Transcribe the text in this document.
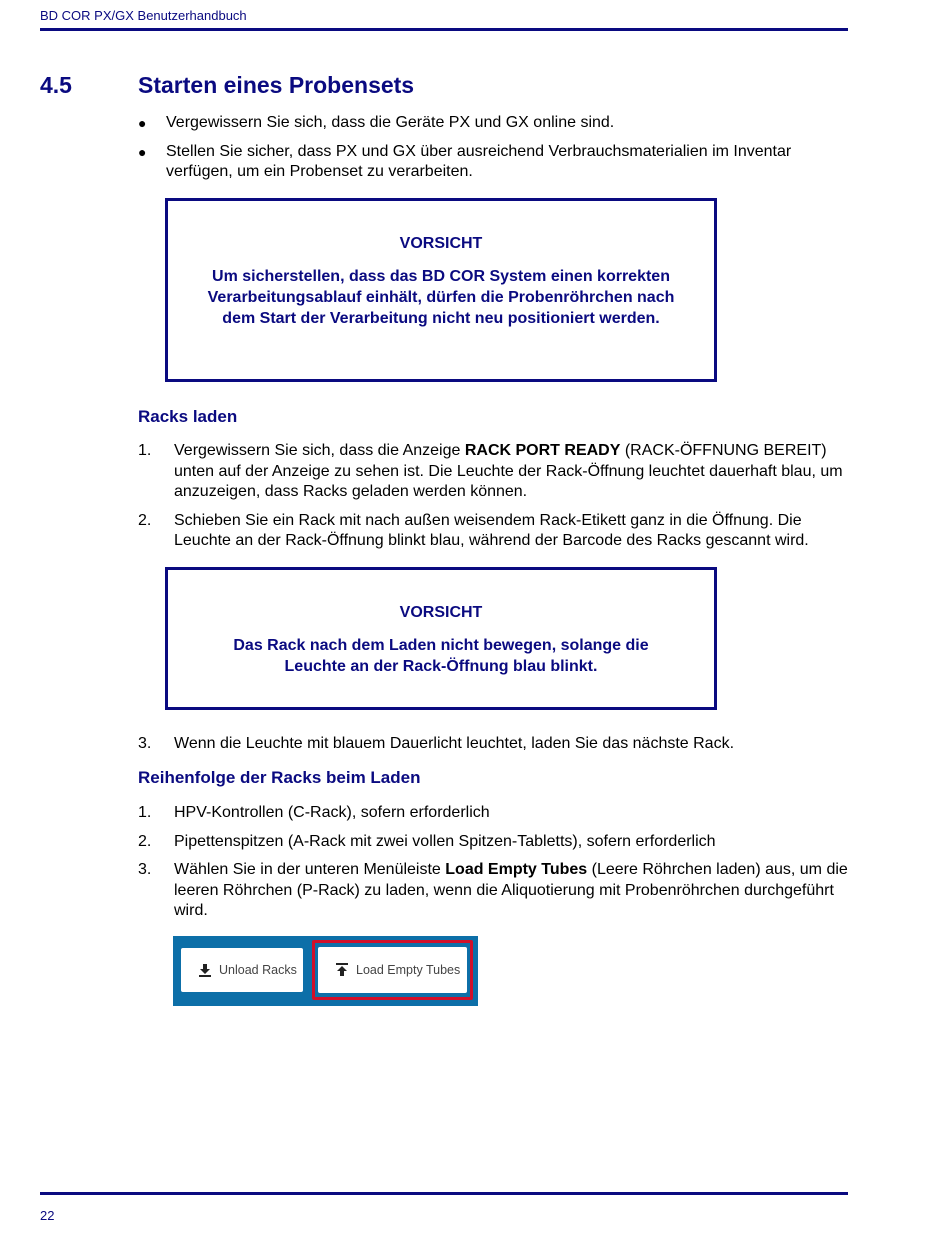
BD COR PX/GX Benutzerhandbuch
4.5	Starten eines Probensets
● Vergewissern Sie sich, dass die Geräte PX und GX online sind.
● Stellen Sie sicher, dass PX und GX über ausreichend Verbrauchsmaterialien im Inventar verfügen, um ein Probenset zu verarbeiten.
VORSICHT
Um sicherstellen, dass das BD COR System einen korrekten Verarbeitungsablauf einhält, dürfen die Probenröhrchen nach dem Start der Verarbeitung nicht neu positioniert werden.
Racks laden
1. Vergewissern Sie sich, dass die Anzeige RACK PORT READY (RACK-ÖFFNUNG BEREIT) unten auf der Anzeige zu sehen ist. Die Leuchte der Rack-Öffnung leuchtet dauerhaft blau, um anzuzeigen, dass Racks geladen werden können.
2. Schieben Sie ein Rack mit nach außen weisendem Rack-Etikett ganz in die Öffnung. Die Leuchte an der Rack-Öffnung blinkt blau, während der Barcode des Racks gescannt wird.
VORSICHT
Das Rack nach dem Laden nicht bewegen, solange die Leuchte an der Rack-Öffnung blau blinkt.
3. Wenn die Leuchte mit blauem Dauerlicht leuchtet, laden Sie das nächste Rack.
Reihenfolge der Racks beim Laden
1. HPV-Kontrollen (C-Rack), sofern erforderlich
2. Pipettenspitzen (A-Rack mit zwei vollen Spitzen-Tabletts), sofern erforderlich
3. Wählen Sie in der unteren Menüleiste Load Empty Tubes (Leere Röhrchen laden) aus, um die leeren Röhrchen (P-Rack) zu laden, wenn die Aliquotierung mit Probenröhrchen durchgeführt wird.
Unload Racks	Load Empty Tubes
22
